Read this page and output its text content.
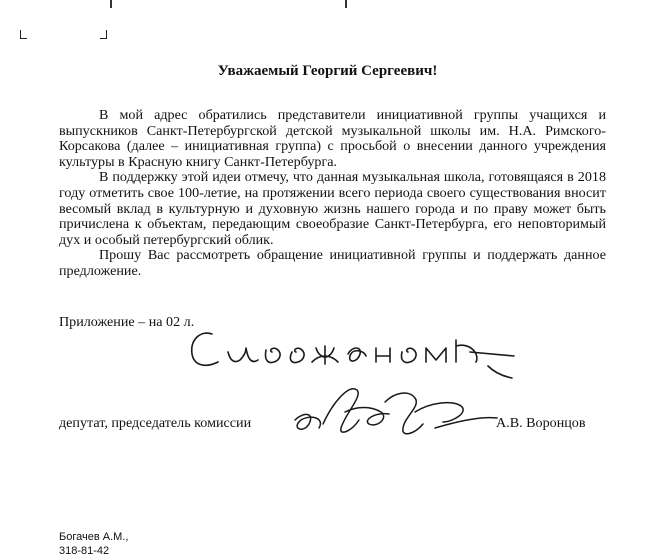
Уважаемый Георгий Сергеевич!

В мой адрес обратились представители инициативной группы учащихся и выпускников Санкт-Петербургской детской музыкальной школы им. Н.А. Римского-Корсакова (далее – инициативная группа) с просьбой о внесении данного учреждения культуры в Красную книгу Санкт-Петербурга.

В поддержку этой идеи отмечу, что данная музыкальная школа, готовящаяся в 2018 году отметить свое 100-летие, на протяжении всего периода своего существования вносит весомый вклад в культурную и духовную жизнь нашего города и по праву может быть причислена к объектам, передающим своеобразие Санкт-Петербурга, его неповторимый дух и особый петербургский облик.

Прошу Вас рассмотреть обращение инициативной группы и поддержать данное предложение.

Приложение – на 02 л.
депутат, председатель комиссии	А.В. Воронцов
Богачев А.М.,
318-81-42
